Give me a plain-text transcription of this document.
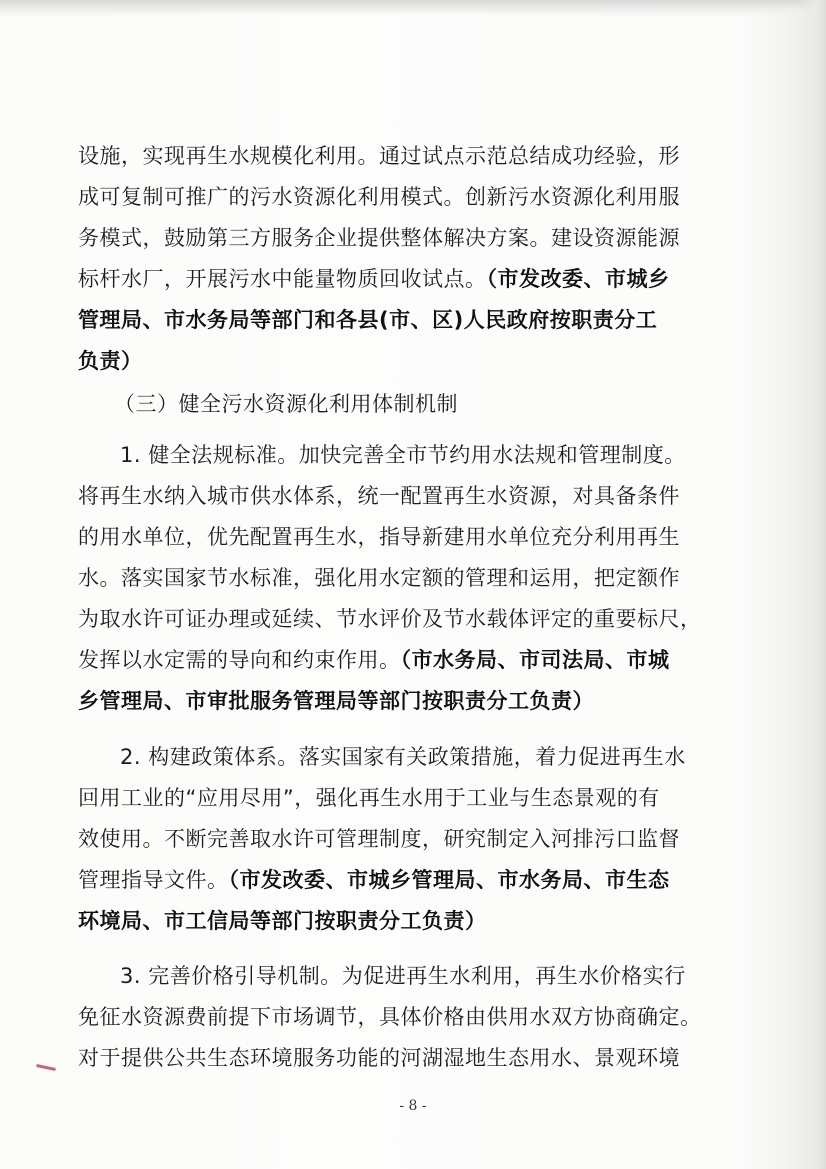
设施，实现再生水规模化利用。通过试点示范总结成功经验，形
成可复制可推广的污水资源化利用模式。创新污水资源化利用服
务模式，鼓励第三方服务企业提供整体解决方案。建设资源能源
标杆水厂，开展污水中能量物质回收试点。（市发改委、市城乡
管理局、市水务局等部门和各县(市、区)人民政府按职责分工
负责）
（三）健全污水资源化利用体制机制
1. 健全法规标准。加快完善全市节约用水法规和管理制度。
将再生水纳入城市供水体系，统一配置再生水资源，对具备条件
的用水单位，优先配置再生水，指导新建用水单位充分利用再生
水。落实国家节水标准，强化用水定额的管理和运用，把定额作
为取水许可证办理或延续、节水评价及节水载体评定的重要标尺，
发挥以水定需的导向和约束作用。（市水务局、市司法局、市城
乡管理局、市审批服务管理局等部门按职责分工负责）
2. 构建政策体系。落实国家有关政策措施，着力促进再生水
回用工业的“应用尽用”，强化再生水用于工业与生态景观的有
效使用。不断完善取水许可管理制度，研究制定入河排污口监督
管理指导文件。（市发改委、市城乡管理局、市水务局、市生态
环境局、市工信局等部门按职责分工负责）
3. 完善价格引导机制。为促进再生水利用，再生水价格实行
免征水资源费前提下市场调节，具体价格由供用水双方协商确定。
对于提供公共生态环境服务功能的河湖湿地生态用水、景观环境
- 8 -
